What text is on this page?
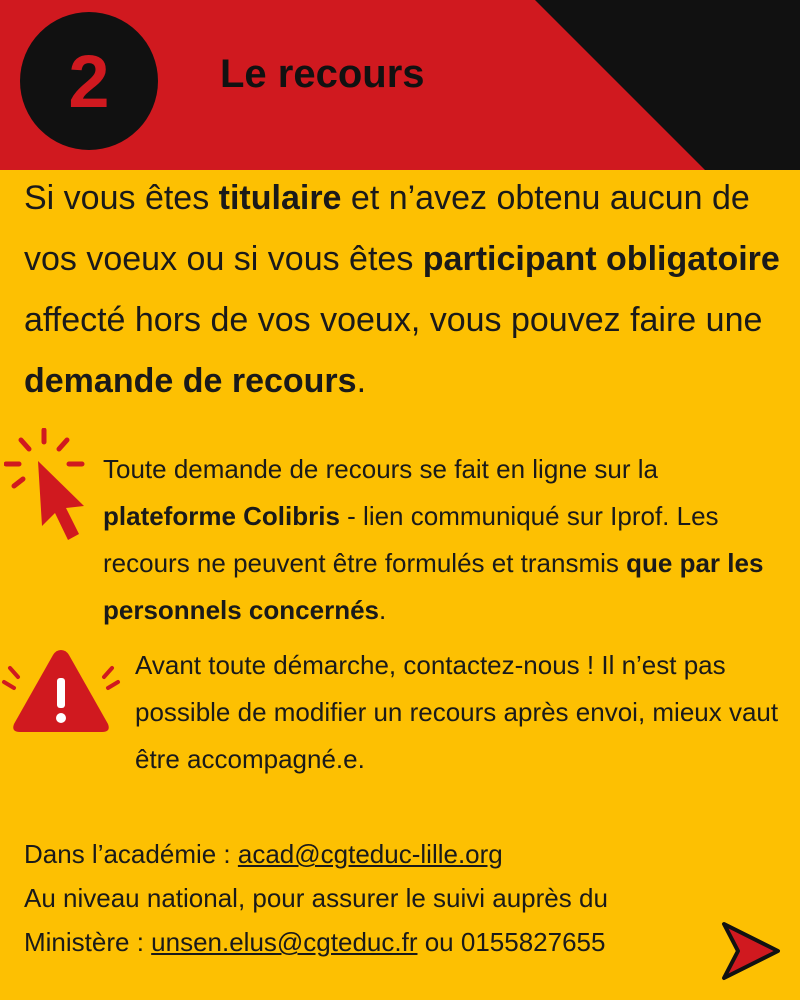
2	Le recours
Si vous êtes titulaire et n’avez obtenu aucun de vos voeux ou si vous êtes participant obligatoire affecté hors de vos voeux, vous pouvez faire une demande de recours.
Toute demande de recours se fait en ligne sur la plateforme Colibris - lien communiqué sur Iprof. Les recours ne peuvent être formulés et transmis que par les personnels concernés.
Avant toute démarche, contactez-nous ! Il n’est pas possible de modifier un recours après envoi, mieux vaut être accompagné.e.
Dans l’académie : acad@cgteduc-lille.org
Au niveau national, pour assurer le suivi auprès du Ministère : unsen.elus@cgteduc.fr ou 0155827655
